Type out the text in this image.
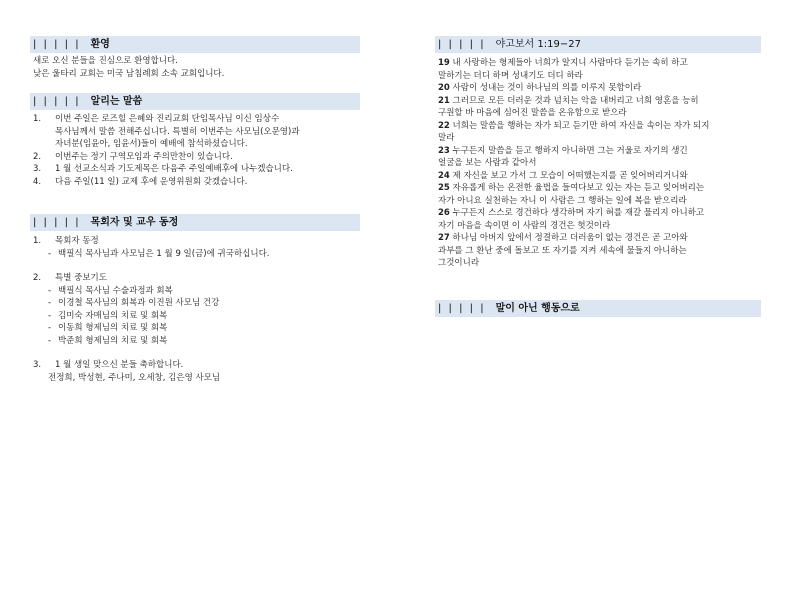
| | | | | 환영
새로 오신 분들을 진심으로 환영합니다.
낮은 울타리 교회는 미국 남침례회 소속 교회입니다.
| | | | | 알리는 말씀
1. 이번 주일은 로즈힐 은혜와 진리교회 단임목사님 이신 임상수
목사님께서 말씀 전해주십니다. 특별히 이번주는 사모님(오문영)과
자녀분(임윤아, 임윤서)들이 예배에 참석하셨습니다.
2. 이번주는 정기 구역모임과 주의만찬이 있습니다.
3. 1 월 선교소식과 기도제목은 다음주 주일예배후에 나누겠습니다.
4. 다음 주일(11 일) 교제 후에 운영위원회 갖겠습니다.
| | | | | 목회자 및 교우 동정
1. 목회자 동정
- 백필식 목사님과 사모님은 1 월 9 일(금)에 귀국하십니다.
2. 특별 중보기도
- 백필식 목사님 수술과정과 회복
- 이경철 목사님의 회복과 이진원 사모님 건강
- 김미숙 자매님의 치료 및 회복
- 이동희 형제님의 치료 및 회복
- 박준희 형제님의 치료 및 회복
3. 1 월 생일 맞으신 분들 축하합니다.
전정희, 박성현, 주나미, 오세창, 김은영 사모님
| | | | | 야고보서 1:19−27
19 내 사랑하는 형제들아 너희가 알지니 사람마다 듣기는 속히 하고
말하기는 더디 하며 성내기도 더디 하라
20 사람이 성내는 것이 하나님의 의를 이루지 못함이라
21 그러므로 모든 더러운 것과 넘치는 악을 내버리고 너희 영혼을 능히
구원할 바 마음에 심어진 말씀을 온유함으로 받으라
22 너희는 말씀을 행하는 자가 되고 듣기만 하여 자신을 속이는 자가 되지
말라
23 누구든지 말씀을 듣고 행하지 아니하면 그는 거울로 자기의 생긴
얼굴을 보는 사람과 같아서
24 제 자신을 보고 가서 그 모습이 어떠했는지를 곧 잊어버리거니와
25 자유롭게 하는 온전한 율법을 들여다보고 있는 자는 듣고 잊어버리는
자가 아니요 실천하는 자니 이 사람은 그 행하는 일에 복을 받으리라
26 누구든지 스스로 경건하다 생각하며 자기 혀를 재갈 물리지 아니하고
자기 마음을 속이면 이 사람의 경건은 헛것이라
27 하나님 아버지 앞에서 정결하고 더러움이 없는 경건은 곧 고아와
과부를 그 환난 중에 돌보고 또 자기를 지켜 세속에 물들지 아니하는
그것이니라
| | | | | 말이 아닌 행동으로
